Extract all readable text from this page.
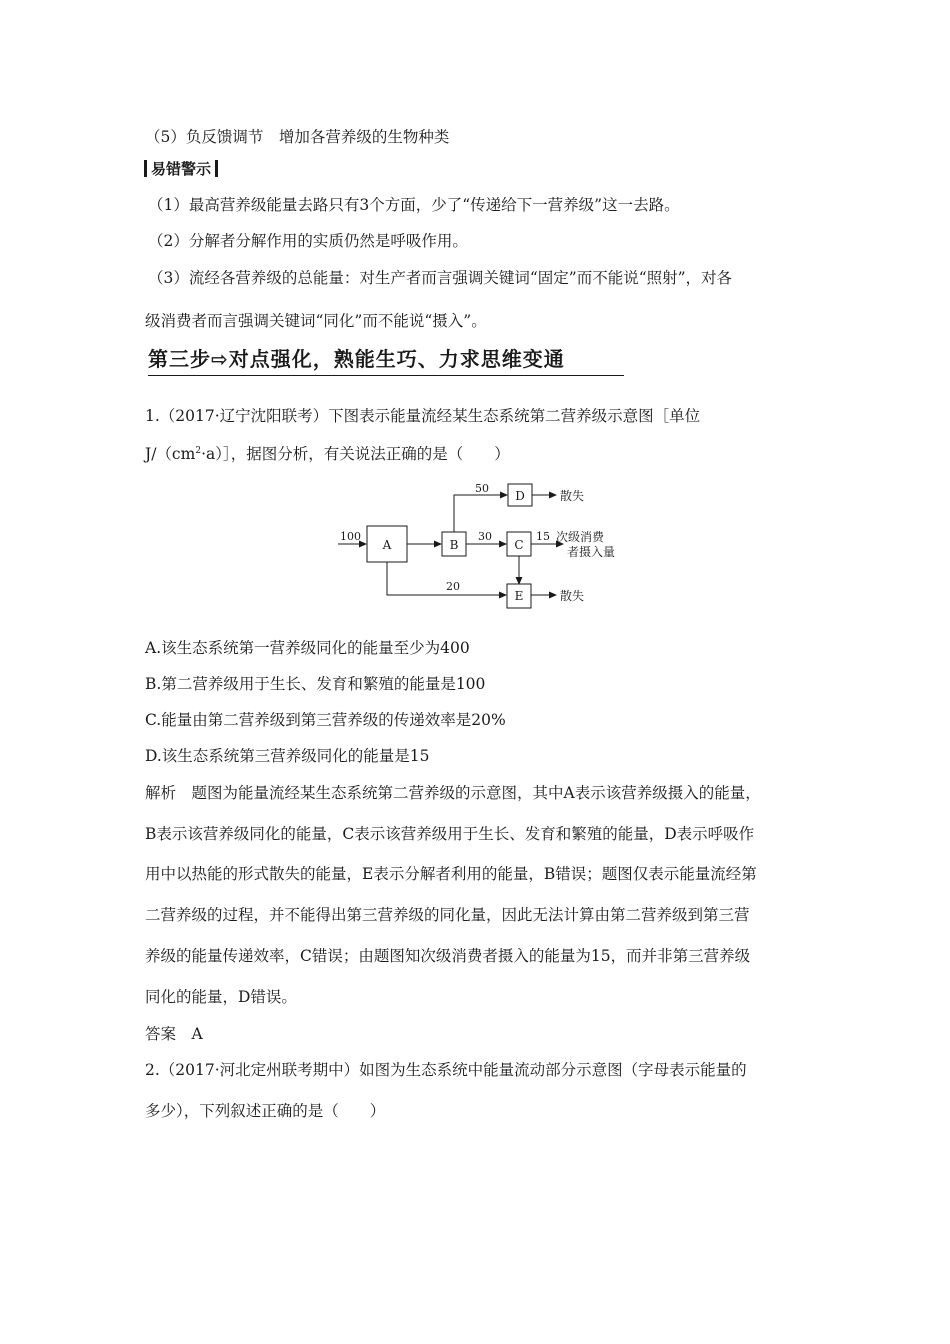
（5）负反馈调节　增加各营养级的生物种类
易错警示
（1）最高营养级能量去路只有3个方面，少了“传递给下一营养级”这一去路。
（2）分解者分解作用的实质仍然是呼吸作用。
（3）流经各营养级的总能量：对生产者而言强调关键词“固定”而不能说“照射”，对各
级消费者而言强调关键词“同化”而不能说“摄入”。
第三步⇨对点强化，熟能生巧、力求思维变通
1.（2017·辽宁沈阳联考）下图表示能量流经某生态系统第二营养级示意图［单位
$J/(cm^2\cdot a)]$，据图分析，有关说法正确的是（　　）
A	B	C
D
E
100
50
30	15
20
散失
散失
次级消费
者摄入量
A.该生态系统第一营养级同化的能量至少为400
B.第二营养级用于生长、发育和繁殖的能量是100
C.能量由第二营养级到第三营养级的传递效率是20%
D.该生态系统第三营养级同化的能量是15
解析　题图为能量流经某生态系统第二营养级的示意图，其中A表示该营养级摄入的能量，
B表示该营养级同化的能量，C表示该营养级用于生长、发育和繁殖的能量，D表示呼吸作
用中以热能的形式散失的能量，E表示分解者利用的能量，B错误；题图仅表示能量流经第
二营养级的过程，并不能得出第三营养级的同化量，因此无法计算由第二营养级到第三营
养级的能量传递效率，C错误；由题图知次级消费者摄入的能量为15，而并非第三营养级
同化的能量，D错误。
答案　A
2.（2017·河北定州联考期中）如图为生态系统中能量流动部分示意图（字母表示能量的
多少），下列叙述正确的是（　　）
